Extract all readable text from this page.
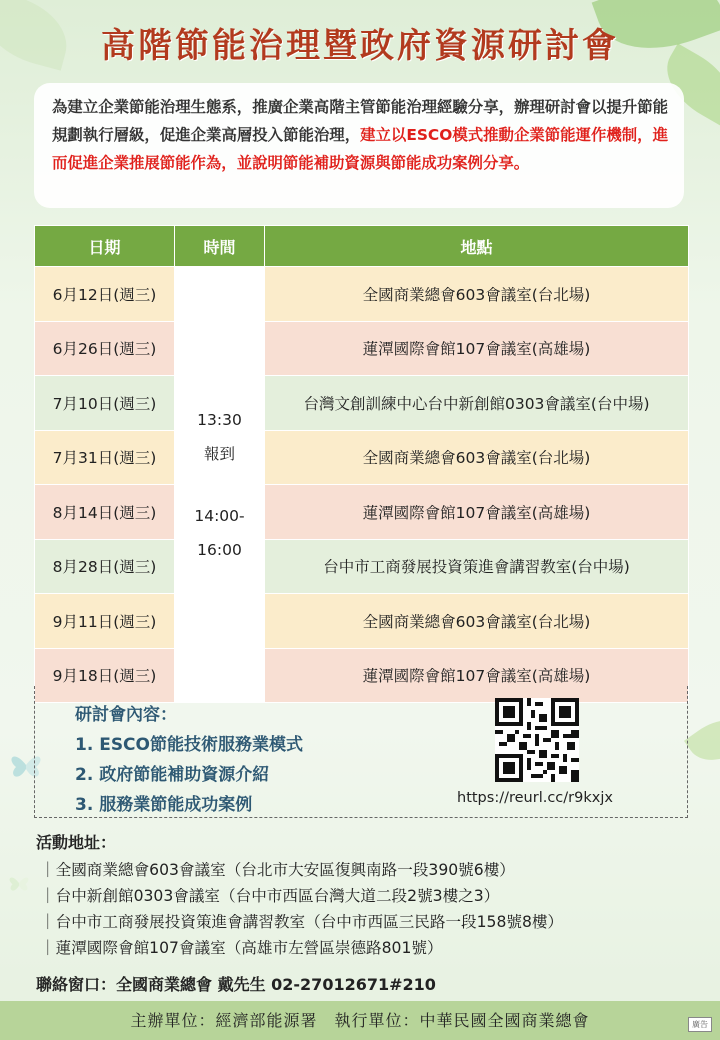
高階節能治理暨政府資源研討會
為建立企業節能治理生態系，推廣企業高階主管節能治理經驗分享，辦理研討會以提升節能規劃執行層級，促進企業高層投入節能治理，建立以ESCO模式推動企業節能運作機制，進而促進企業推展節能作為，並說明節能補助資源與節能成功案例分享。
日期	時間	地點
6月12日(週三)	13:30
報到
14:00-
16:00	全國商業總會603會議室(台北場)
6月26日(週三)		蓮潭國際會館107會議室(高雄場)
7月10日(週三)		台灣文創訓練中心台中新創館0303會議室(台中場)
7月31日(週三)		全國商業總會603會議室(台北場)
8月14日(週三)		蓮潭國際會館107會議室(高雄場)
8月28日(週三)		台中市工商發展投資策進會講習教室(台中場)
9月11日(週三)		全國商業總會603會議室(台北場)
9月18日(週三)		蓮潭國際會館107會議室(高雄場)
研討會內容：
1. ESCO節能技術服務業模式
2. 政府節能補助資源介紹
3. 服務業節能成功案例	https://reurl.cc/r9kxjx
活動地址：
｜全國商業總會603會議室（台北市大安區復興南路一段390號6樓）
｜台中新創館0303會議室（台中市西區台灣大道二段2號3樓之3）
｜台中市工商發展投資策進會講習教室（台中市西區三民路一段158號8樓）
｜蓮潭國際會館107會議室（高雄市左營區崇德路801號）
聯絡窗口：全國商業總會 戴先生 02-27012671#210
主辦單位：經濟部能源署　執行單位：中華民國全國商業總會	廣告
